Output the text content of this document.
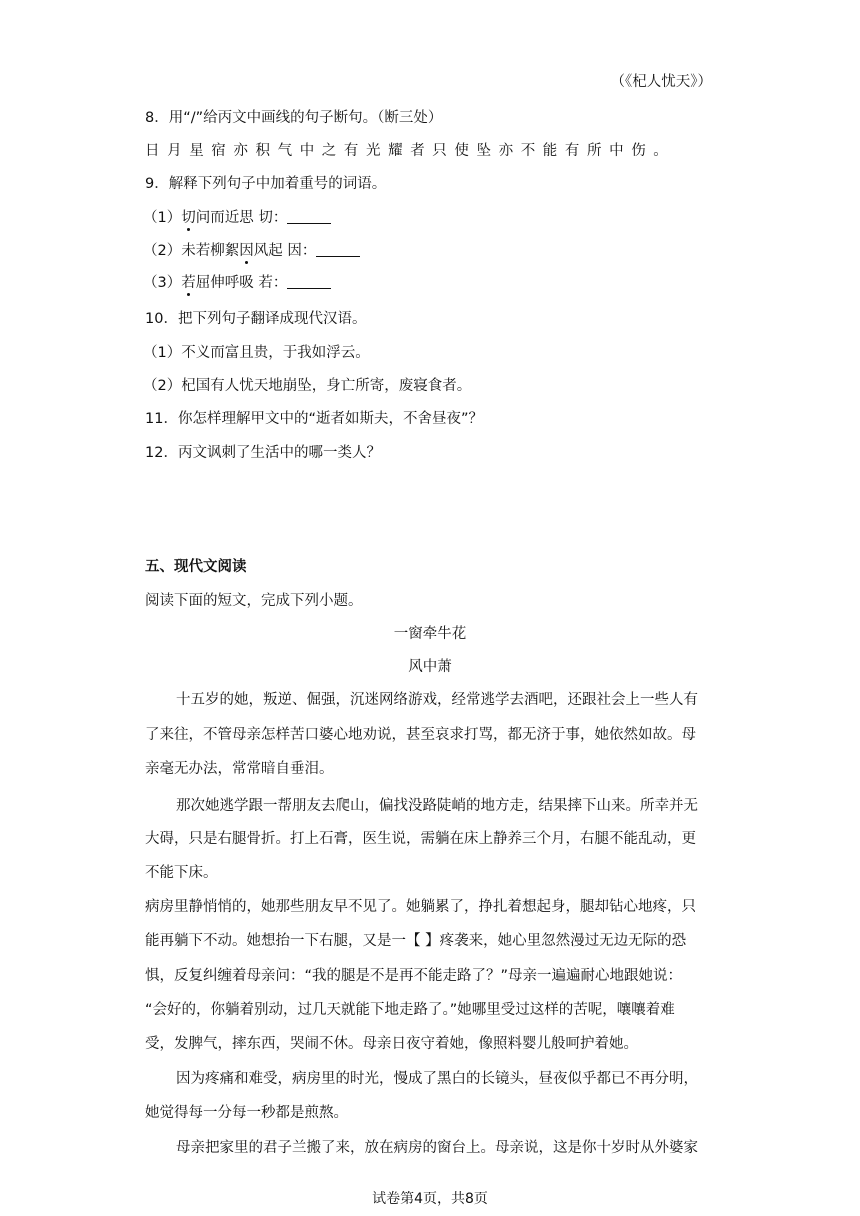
（《杞人忧天》）
8．用“/”给丙文中画线的句子断句。（断三处）
日月星宿亦积气中之有光耀者只使坠亦不能有所中伤。
9．解释下列句子中加着重号的词语。
（1）切问而近思 切：
（2）未若柳絮因风起 因：
（3）若屈伸呼吸 若：
10．把下列句子翻译成现代汉语。
（1）不义而富且贵，于我如浮云。
（2）杞国有人忧天地崩坠，身亡所寄，废寝食者。
11．你怎样理解甲文中的“逝者如斯夫，不舍昼夜”？
12．丙文讽刺了生活中的哪一类人？
五、现代文阅读
阅读下面的短文，完成下列小题。
一窗牵牛花
风中萧
十五岁的她，叛逆、倔强，沉迷网络游戏，经常逃学去酒吧，还跟社会上一些人有
了来往，不管母亲怎样苦口婆心地劝说，甚至哀求打骂，都无济于事，她依然如故。母
亲毫无办法，常常暗自垂泪。
那次她逃学跟一帮朋友去爬山，偏找没路陡峭的地方走，结果摔下山来。所幸并无
大碍，只是右腿骨折。打上石膏，医生说，需躺在床上静养三个月，右腿不能乱动，更
不能下床。
病房里静悄悄的，她那些朋友早不见了。她躺累了，挣扎着想起身，腿却钻心地疼，只
能再躺下不动。她想抬一下右腿，又是一【 】疼袭来，她心里忽然漫过无边无际的恐
惧，反复纠缠着母亲问：“我的腿是不是再不能走路了？”母亲一遍遍耐心地跟她说：
“会好的，你躺着别动，过几天就能下地走路了。”她哪里受过这样的苦呢，嚷嚷着难
受，发脾气，摔东西，哭闹不休。母亲日夜守着她，像照料婴儿般呵护着她。
因为疼痛和难受，病房里的时光，慢成了黑白的长镜头，昼夜似乎都已不再分明，
她觉得每一分每一秒都是煎熬。
母亲把家里的君子兰搬了来，放在病房的窗台上。母亲说，这是你十岁时从外婆家
试卷第4页，共8页
